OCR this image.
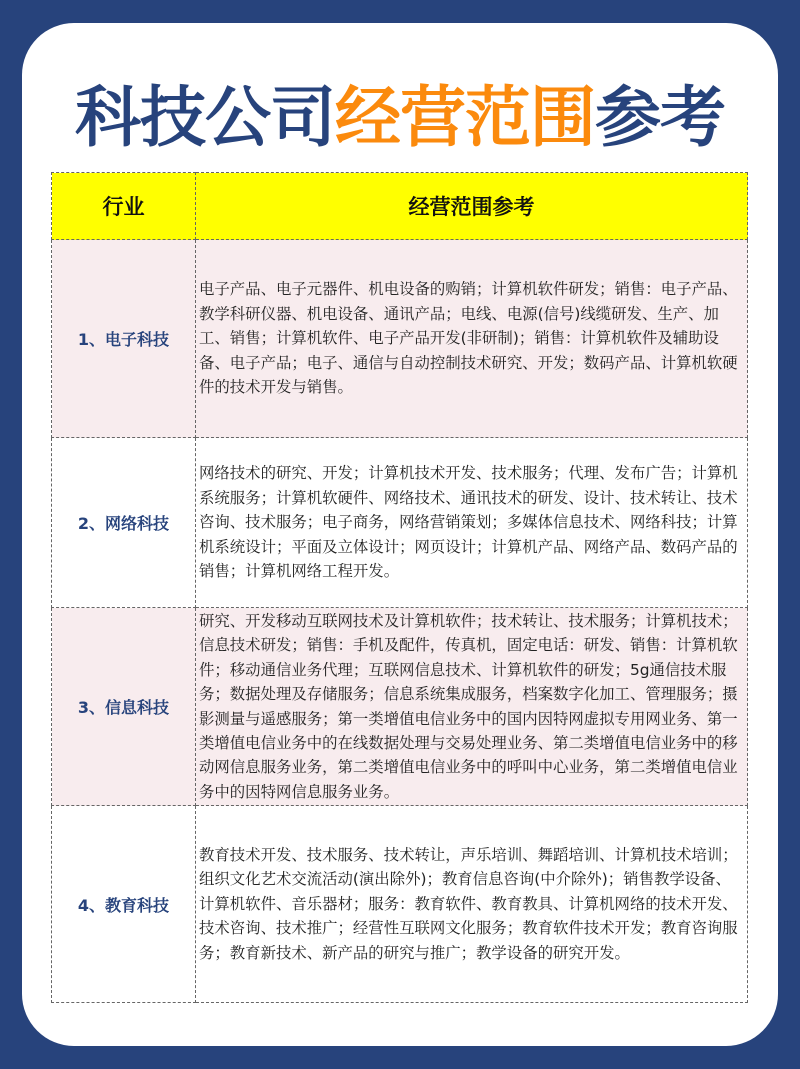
科技公司经营范围参考
行业	经营范围参考
1、电子科技	电子产品、电子元器件、机电设备的购销；计算机软件研发；销售：电子产品、教学科研仪器、机电设备、通讯产品；电线、电源(信号)线缆研发、生产、加工、销售；计算机软件、电子产品开发(非研制)；销售：计算机软件及辅助设备、电子产品；电子、通信与自动控制技术研究、开发；数码产品、计算机软硬件的技术开发与销售。
2、网络科技	网络技术的研究、开发；计算机技术开发、技术服务；代理、发布广告；计算机系统服务；计算机软硬件、网络技术、通讯技术的研发、设计、技术转让、技术咨询、技术服务；电子商务，网络营销策划；多媒体信息技术、网络科技；计算机系统设计；平面及立体设计；网页设计；计算机产品、网络产品、数码产品的销售；计算机网络工程开发。
3、信息科技	研究、开发移动互联网技术及计算机软件；技术转让、技术服务；计算机技术；信息技术研发；销售：手机及配件，传真机，固定电话：研发、销售：计算机软件；移动通信业务代理；互联网信息技术、计算机软件的研发；5g通信技术服务；数据处理及存储服务；信息系统集成服务，档案数字化加工、管理服务；摄影测量与遥感服务；第一类增值电信业务中的国内因特网虚拟专用网业务、第一类增值电信业务中的在线数据处理与交易处理业务、第二类增值电信业务中的移动网信息服务业务，第二类增值电信业务中的呼叫中心业务，第二类增值电信业务中的因特网信息服务业务。
4、教育科技	教育技术开发、技术服务、技术转让，声乐培训、舞蹈培训、计算机技术培训；组织文化艺术交流活动(演出除外)；教育信息咨询(中介除外)；销售教学设备、计算机软件、音乐器材；服务：教育软件、教育教具、计算机网络的技术开发、技术咨询、技术推广；经营性互联网文化服务；教育软件技术开发；教育咨询服务；教育新技术、新产品的研究与推广；教学设备的研究开发。
